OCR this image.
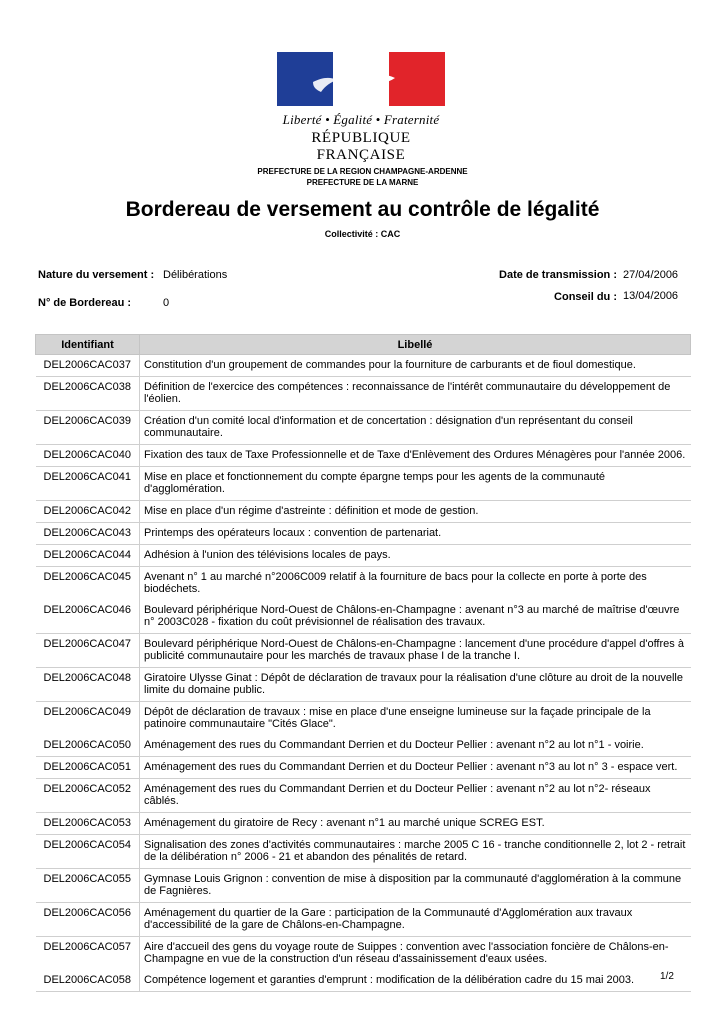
Liberté • Égalité • Fraternité
RÉPUBLIQUE FRANÇAISE
PREFECTURE DE LA REGION CHAMPAGNE-ARDENNE
PREFECTURE DE LA MARNE
Bordereau de versement au contrôle de légalité
Collectivité : CAC
Nature du versement : Délibérations
N° de Bordereau :	0
Date de transmission : 27/04/2006
Conseil du : 13/04/2006
Identifiant	Libellé
DEL2006CAC037	Constitution d'un groupement de commandes pour la fourniture de carburants et de fioul domestique.
DEL2006CAC038	Définition de l'exercice des compétences : reconnaissance de l'intérêt communautaire du développement de l'éolien.
DEL2006CAC039	Création d'un comité local d'information et de concertation : désignation d'un représentant du conseil communautaire.
DEL2006CAC040	Fixation des taux de Taxe Professionnelle et de Taxe d'Enlèvement des Ordures Ménagères pour l'année 2006.
DEL2006CAC041	Mise en place et fonctionnement du compte épargne temps pour les agents de la communauté d'agglomération.
DEL2006CAC042	Mise en place d'un régime d'astreinte : définition et mode de gestion.
DEL2006CAC043	Printemps des opérateurs locaux : convention de partenariat.
DEL2006CAC044	Adhésion à l'union des télévisions locales de pays.
DEL2006CAC045	Avenant n° 1 au marché n°2006C009 relatif à la fourniture de bacs pour la collecte en porte à porte des biodéchets.
DEL2006CAC046	Boulevard périphérique Nord-Ouest de Châlons-en-Champagne : avenant n°3 au marché de maîtrise d'œuvre n° 2003C028 - fixation du coût prévisionnel de réalisation des travaux.
DEL2006CAC047	Boulevard périphérique Nord-Ouest de Châlons-en-Champagne : lancement d'une procédure d'appel d'offres à publicité communautaire pour les marchés de travaux phase I de la tranche I.
DEL2006CAC048	Giratoire Ulysse Ginat : Dépôt de déclaration de travaux pour la réalisation d'une clôture au droit de la nouvelle limite du domaine public.
DEL2006CAC049	Dépôt de déclaration de travaux : mise en place d'une enseigne lumineuse sur la façade principale de la patinoire communautaire "Cités Glace".
DEL2006CAC050	Aménagement des rues du Commandant Derrien et du Docteur Pellier : avenant n°2 au lot n°1 - voirie.
DEL2006CAC051	Aménagement des rues du Commandant Derrien et du Docteur Pellier : avenant n°3 au lot n° 3 - espace vert.
DEL2006CAC052	Aménagement des rues du Commandant Derrien et du Docteur Pellier : avenant n°2 au lot n°2- réseaux câblés.
DEL2006CAC053	Aménagement du giratoire de Recy : avenant n°1 au marché unique SCREG EST.
DEL2006CAC054	Signalisation des zones d'activités communautaires : marche 2005 C 16 - tranche conditionnelle 2, lot 2 - retrait de la délibération n° 2006 - 21 et abandon des pénalités de retard.
DEL2006CAC055	Gymnase Louis Grignon : convention de mise à disposition par la communauté d'agglomération à la commune de Fagnières.
DEL2006CAC056	Aménagement du quartier de la Gare : participation de la Communauté d'Agglomération aux travaux d'accessibilité de la gare de Châlons-en-Champagne.
DEL2006CAC057	Aire d'accueil des gens du voyage route de Suippes : convention avec l'association foncière de Châlons-en-Champagne en vue de la construction d'un réseau d'assainissement d'eaux usées.
DEL2006CAC058	Compétence logement et garanties d'emprunt : modification de la délibération cadre du 15 mai 2003.	1/2
